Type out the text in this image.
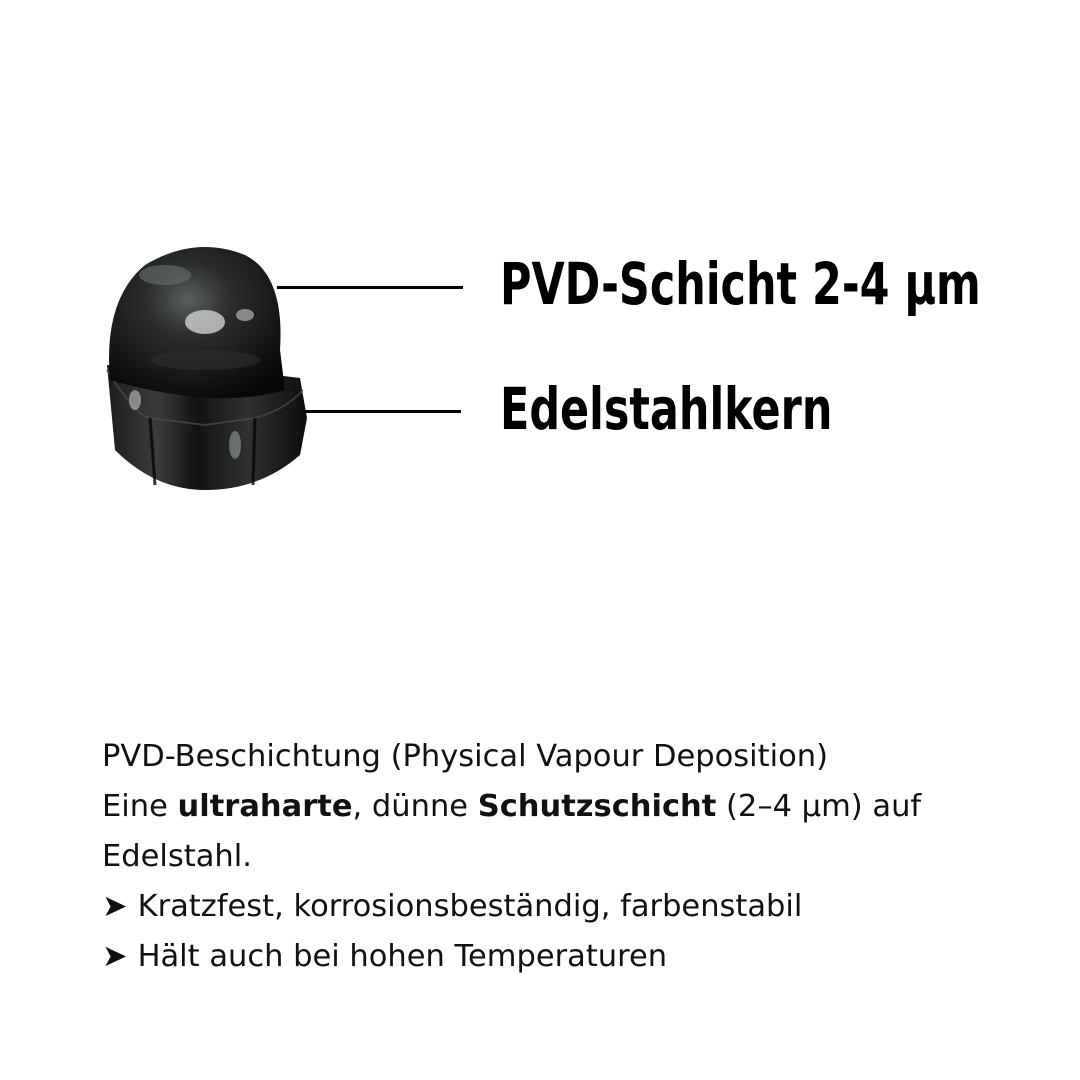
PVD-Schicht 2-4 µm
Edelstahlkern

PVD-Beschichtung (Physical Vapour Deposition)

Eine ultraharte, dünne Schutzschicht (2–4 µm) auf

Edelstahl.

➤ Kratzfest, korrosionsbeständig, farbenstabil

➤ Hält auch bei hohen Temperaturen
